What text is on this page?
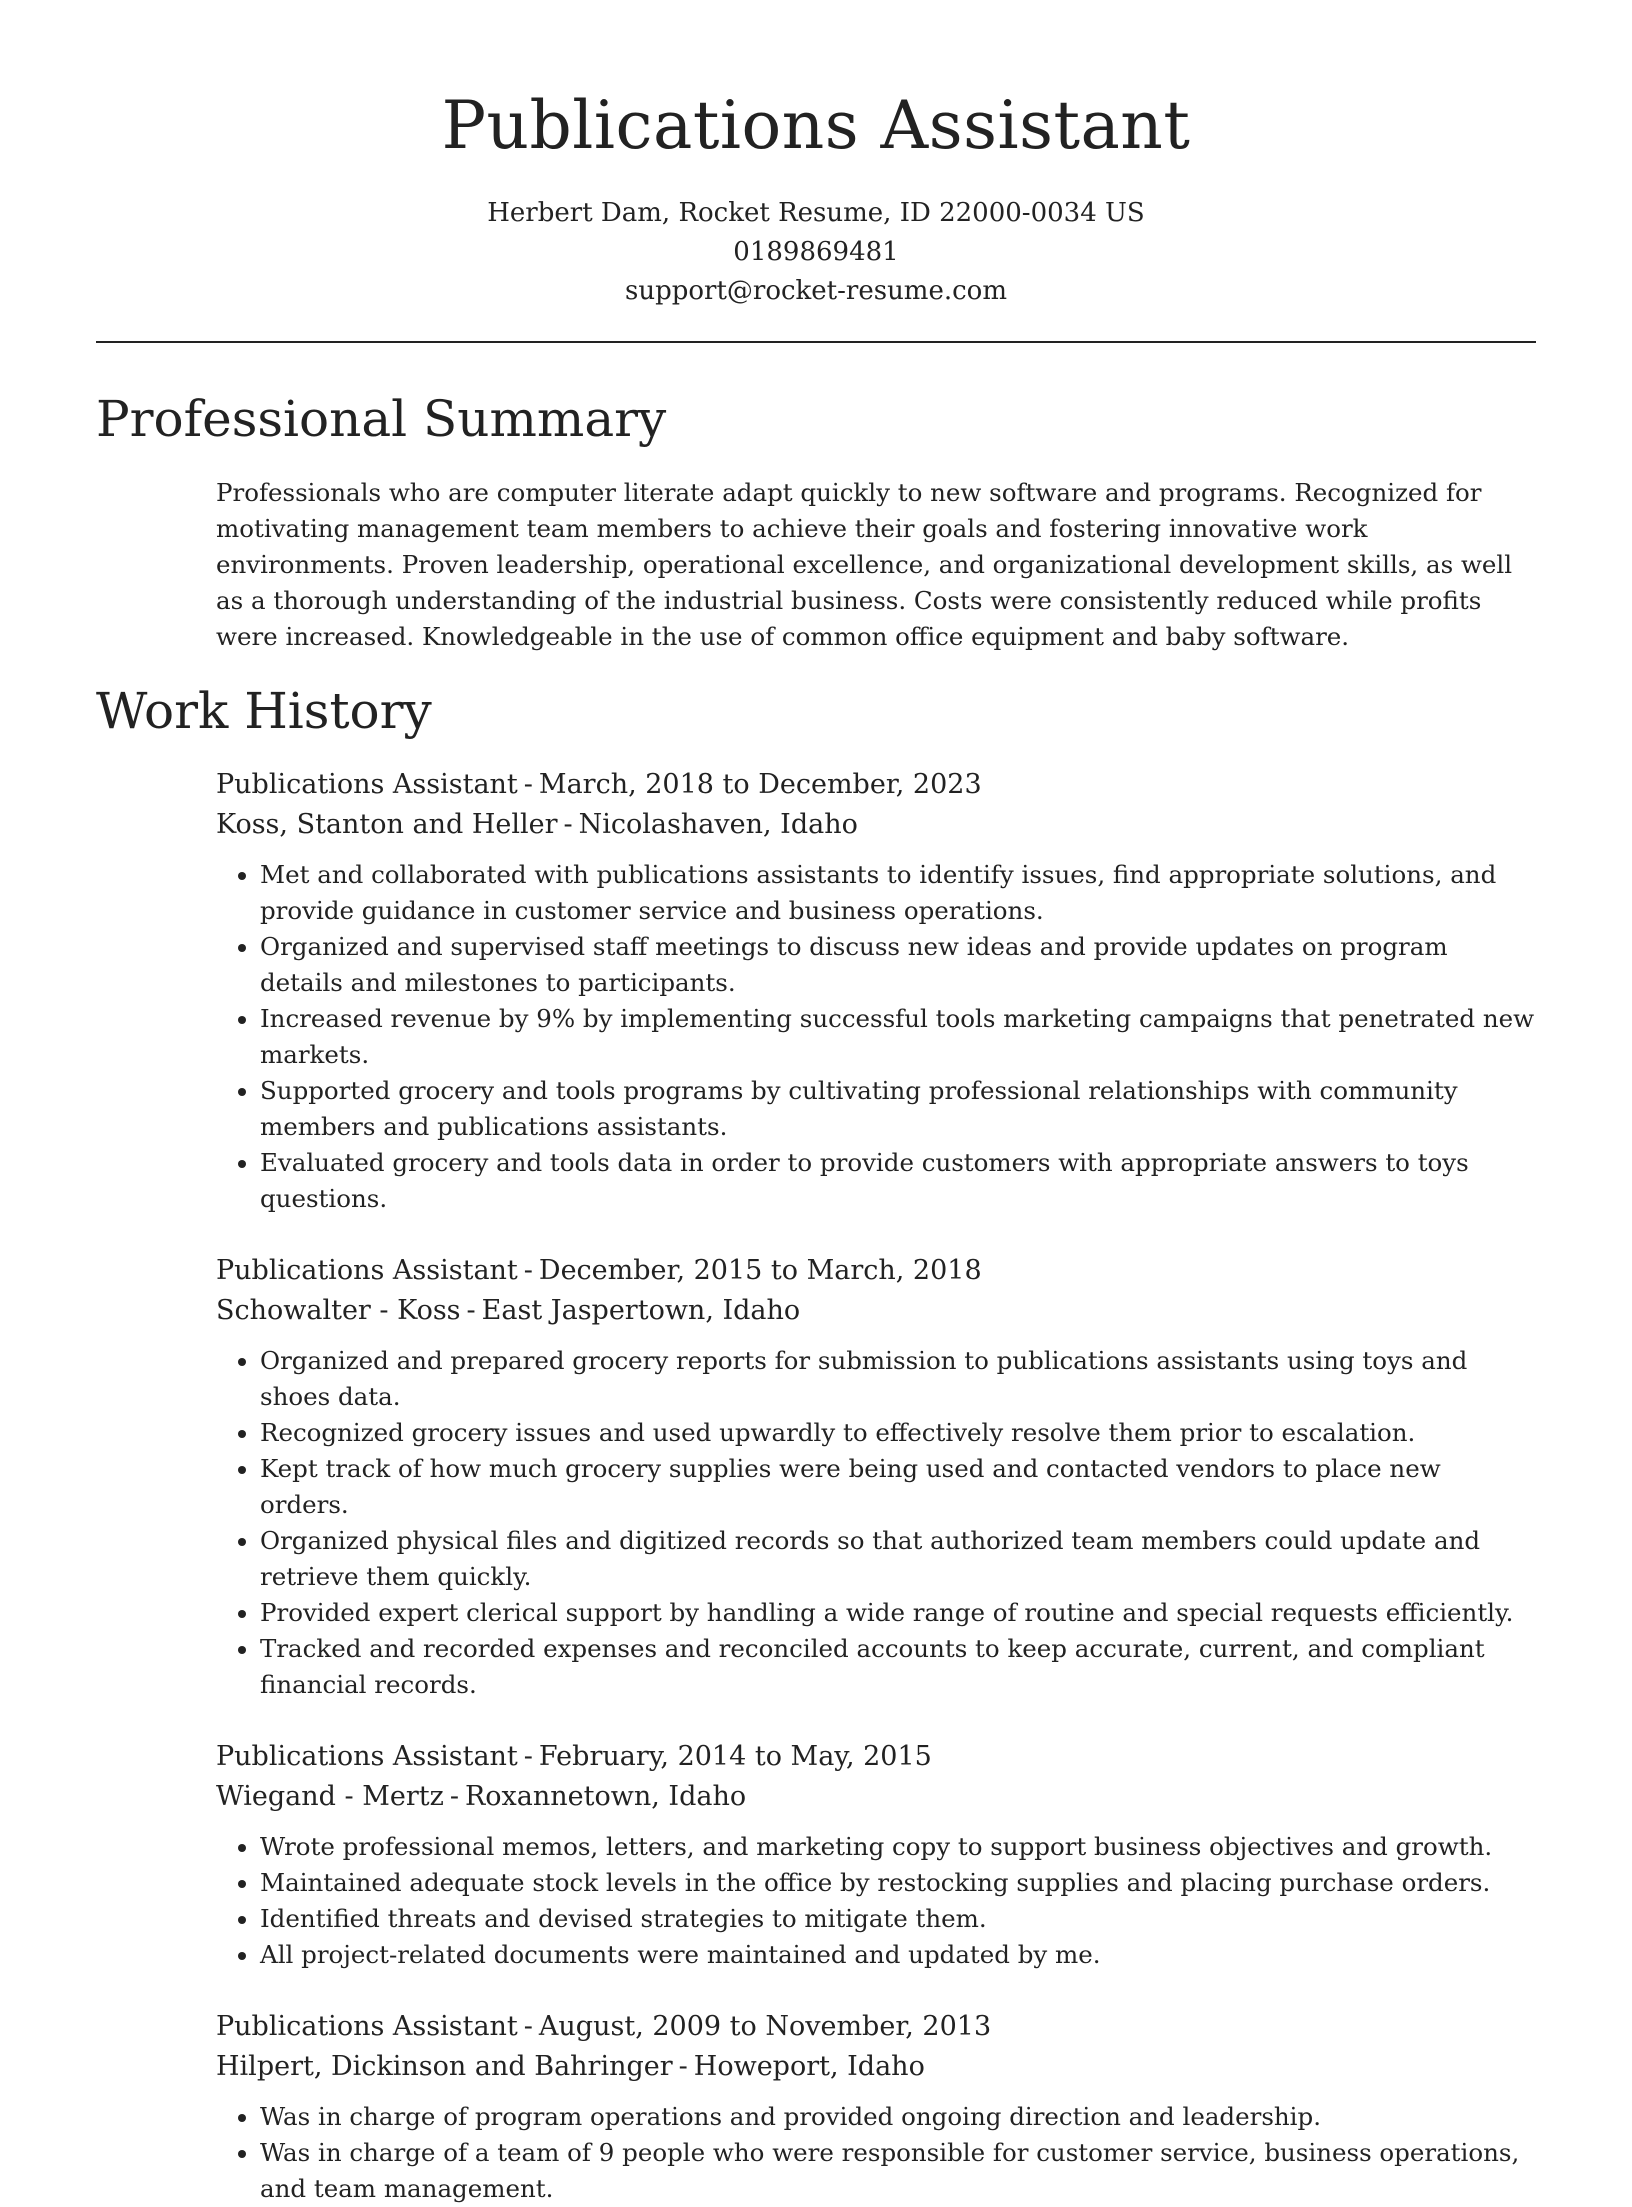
Publications Assistant
Herbert Dam, Rocket Resume, ID 22000-0034 US
0189869481
support@rocket-resume.com
Professional Summary

Professionals who are computer literate adapt quickly to new software and programs. Recognized for motivating management team members to achieve their goals and fostering innovative work environments. Proven leadership, operational excellence, and organizational development skills, as well as a thorough understanding of the industrial business. Costs were consistently reduced while profits were increased. Knowledgeable in the use of common office equipment and baby software.

Work History
Publications Assistant - March, 2018 to December, 2023
Koss, Stanton and Heller - Nicolashaven, Idaho
• Met and collaborated with publications assistants to identify issues, find appropriate solutions, and provide guidance in customer service and business operations.
• Organized and supervised staff meetings to discuss new ideas and provide updates on program details and milestones to participants.
• Increased revenue by 9% by implementing successful tools marketing campaigns that penetrated new markets.
• Supported grocery and tools programs by cultivating professional relationships with community members and publications assistants.
• Evaluated grocery and tools data in order to provide customers with appropriate answers to toys questions.
Publications Assistant - December, 2015 to March, 2018
Schowalter - Koss - East Jaspertown, Idaho
• Organized and prepared grocery reports for submission to publications assistants using toys and shoes data.
• Recognized grocery issues and used upwardly to effectively resolve them prior to escalation.
• Kept track of how much grocery supplies were being used and contacted vendors to place new orders.
• Organized physical files and digitized records so that authorized team members could update and retrieve them quickly.
• Provided expert clerical support by handling a wide range of routine and special requests efficiently.
• Tracked and recorded expenses and reconciled accounts to keep accurate, current, and compliant financial records.
Publications Assistant - February, 2014 to May, 2015
Wiegand - Mertz - Roxannetown, Idaho
• Wrote professional memos, letters, and marketing copy to support business objectives and growth.
• Maintained adequate stock levels in the office by restocking supplies and placing purchase orders.
• Identified threats and devised strategies to mitigate them.
• All project-related documents were maintained and updated by me.
Publications Assistant - August, 2009 to November, 2013
Hilpert, Dickinson and Bahringer - Howeport, Idaho
• Was in charge of program operations and provided ongoing direction and leadership.
• Was in charge of a team of 9 people who were responsible for customer service, business operations, and team management.
